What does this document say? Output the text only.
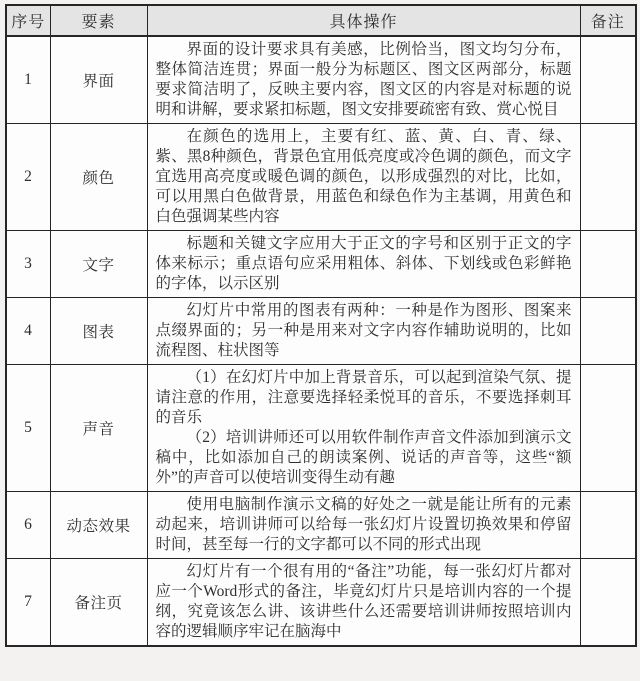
序号	要素	具体操作	备注
1	界面	界面的设计要求具有美感，比例恰当，图文均匀分布，整体简洁连贯；界面一般分为标题区、图文区两部分，标题要求简洁明了，反映主要内容，图文区的内容是对标题的说明和讲解，要求紧扣标题，图文安排要疏密有致、赏心悦目	

2	颜色	在颜色的选用上，主要有红、蓝、黄、白、青、绿、紫、黑8种颜色，背景色宜用低亮度或冷色调的颜色，而文字宜选用高亮度或暖色调的颜色，以形成强烈的对比，比如，可以用黑白色做背景，用蓝色和绿色作为主基调，用黄色和白色强调某些内容	

3	文字	标题和关键文字应用大于正文的字号和区别于正文的字体来标示；重点语句应采用粗体、斜体、下划线或色彩鲜艳的字体，以示区别	

4	图表	幻灯片中常用的图表有两种：一种是作为图形、图案来点缀界面的；另一种是用来对文字内容作辅助说明的，比如流程图、柱状图等	

5	声音	（1）在幻灯片中加上背景音乐，可以起到渲染气氛、提请注意的作用，注意要选择轻柔悦耳的音乐，不要选择刺耳的音乐

（2）培训讲师还可以用软件制作声音文件添加到演示文稿中，比如添加自己的朗读案例、说话的声音等，这些“额外”的声音可以使培训变得生动有趣	

6	动态效果	使用电脑制作演示文稿的好处之一就是能让所有的元素动起来，培训讲师可以给每一张幻灯片设置切换效果和停留时间，甚至每一行的文字都可以不同的形式出现	

7	备注页	幻灯片有一个很有用的“备注”功能，每一张幻灯片都对应一个Word形式的备注，毕竟幻灯片只是培训内容的一个提纲，究竟该怎么讲、该讲些什么还需要培训讲师按照培训内容的逻辑顺序牢记在脑海中	
